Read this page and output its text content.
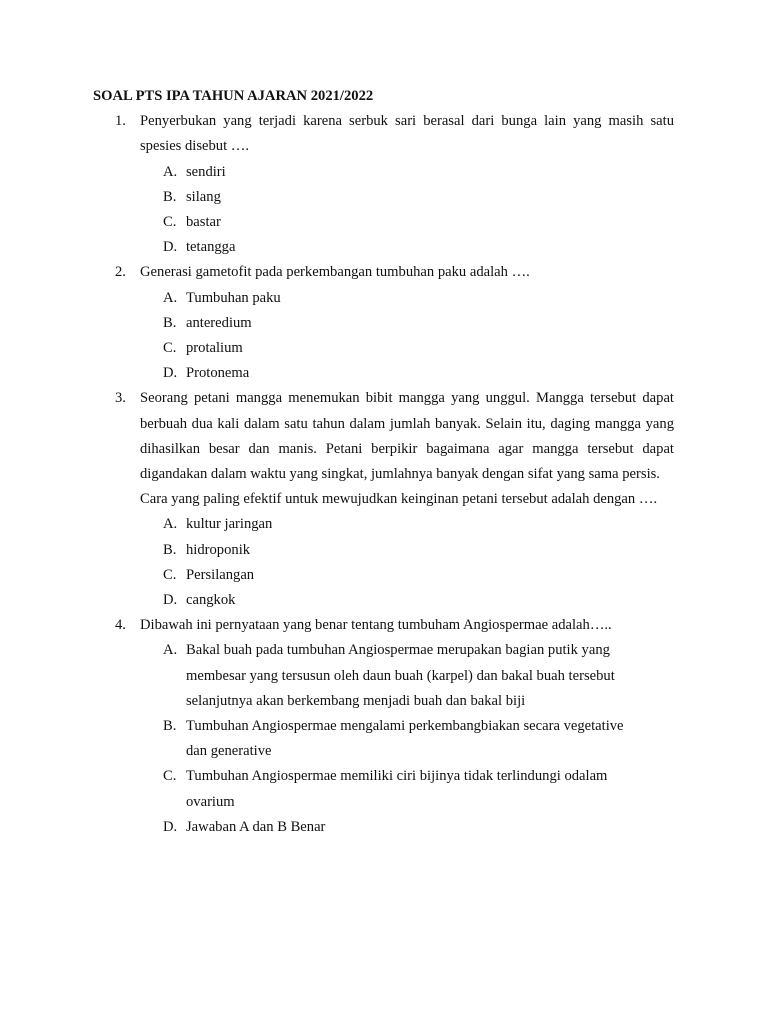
SOAL PTS IPA TAHUN AJARAN 2021/2022
1. Penyerbukan yang terjadi karena serbuk sari berasal dari bunga lain yang masih satu spesies disebut ….
A. sendiri
B. silang
C. bastar
D. tetangga
2. Generasi gametofit pada perkembangan tumbuhan paku adalah ….
A. Tumbuhan paku
B. anteredium
C. protalium
D. Protonema
3. Seorang petani mangga menemukan bibit mangga yang unggul. Mangga tersebut dapat berbuah dua kali dalam satu tahun dalam jumlah banyak. Selain itu, daging mangga yang dihasilkan besar dan manis. Petani berpikir bagaimana agar mangga tersebut dapat digandakan dalam waktu yang singkat, jumlahnya banyak dengan sifat yang sama persis.
Cara yang paling efektif untuk mewujudkan keinginan petani tersebut adalah dengan ….
A. kultur jaringan
B. hidroponik
C. Persilangan
D. cangkok
4. Dibawah ini pernyataan yang benar tentang tumbuham Angiospermae adalah…..
A. Bakal buah pada tumbuhan Angiospermae merupakan bagian putik yang membesar yang tersusun oleh daun buah (karpel) dan bakal buah tersebut selanjutnya akan berkembang menjadi buah dan bakal biji
B. Tumbuhan Angiospermae mengalami perkembangbiakan secara vegetative dan generative
C. Tumbuhan Angiospermae memiliki ciri bijinya tidak terlindungi odalam ovarium
D. Jawaban A dan B Benar
